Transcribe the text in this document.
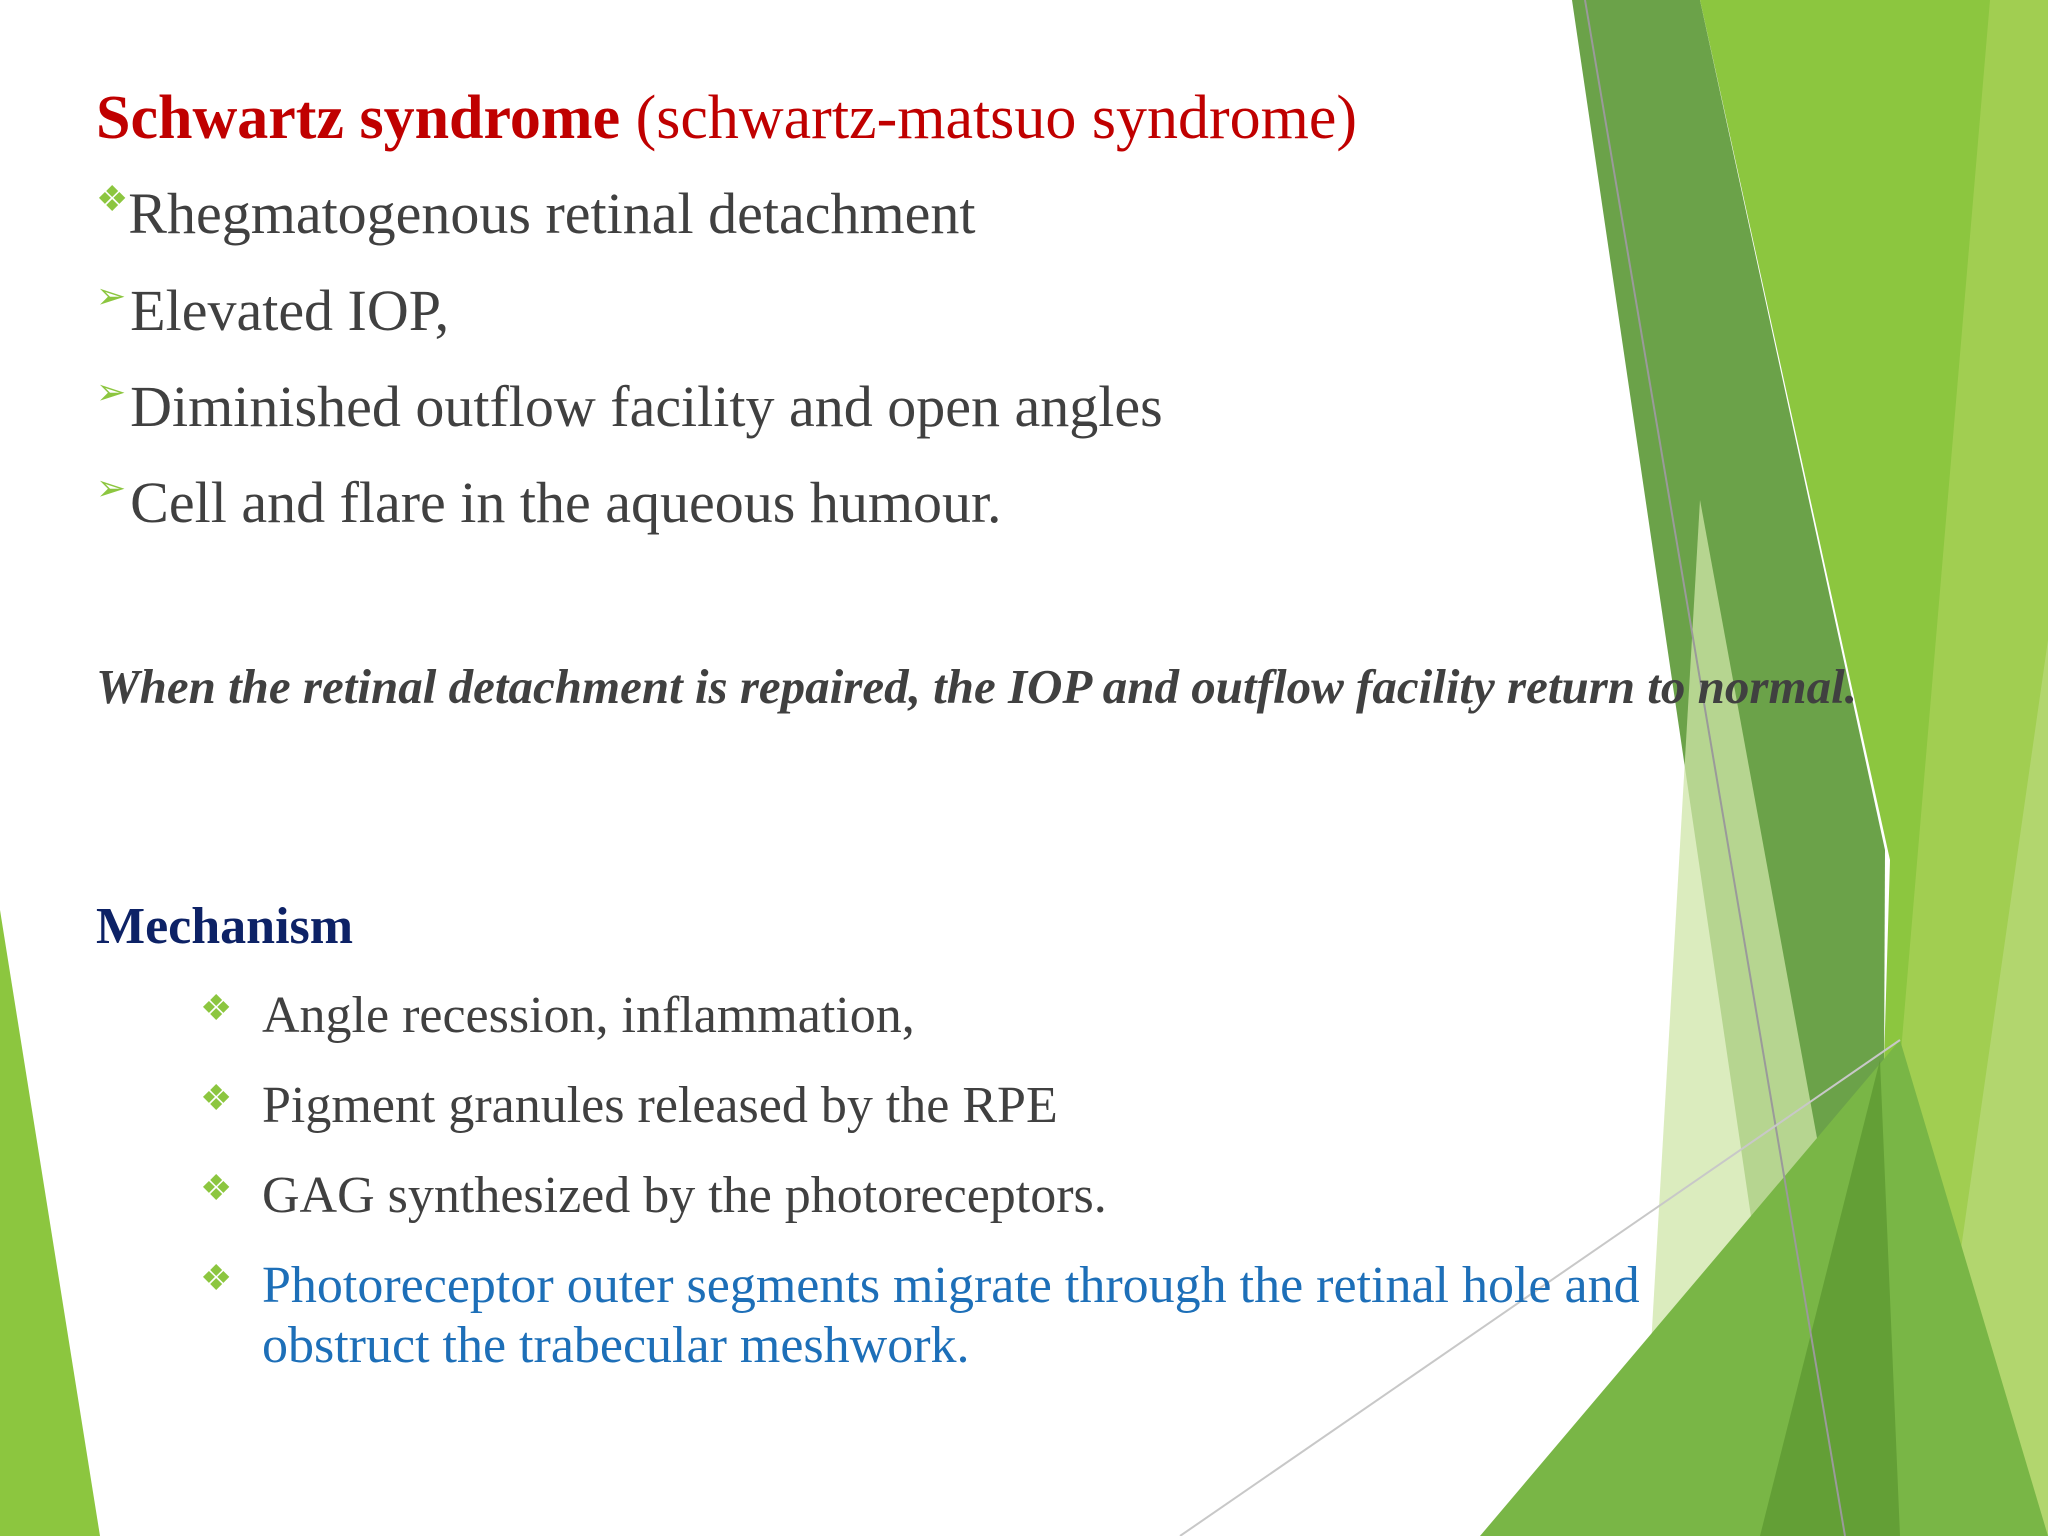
Schwartz syndrome (schwartz-matsuo syndrome)
❖Rhegmatogenous retinal detachment
➢Elevated IOP,
➢Diminished outflow facility and open angles
➢Cell and flare in the aqueous humour.
When the retinal detachment is repaired, the IOP and outflow facility return to normal.
Mechanism
❖ Angle recession, inflammation,
❖ Pigment granules released by the RPE
❖ GAG synthesized by the photoreceptors.
❖ Photoreceptor outer segments migrate through the retinal hole and obstruct the trabecular meshwork.
